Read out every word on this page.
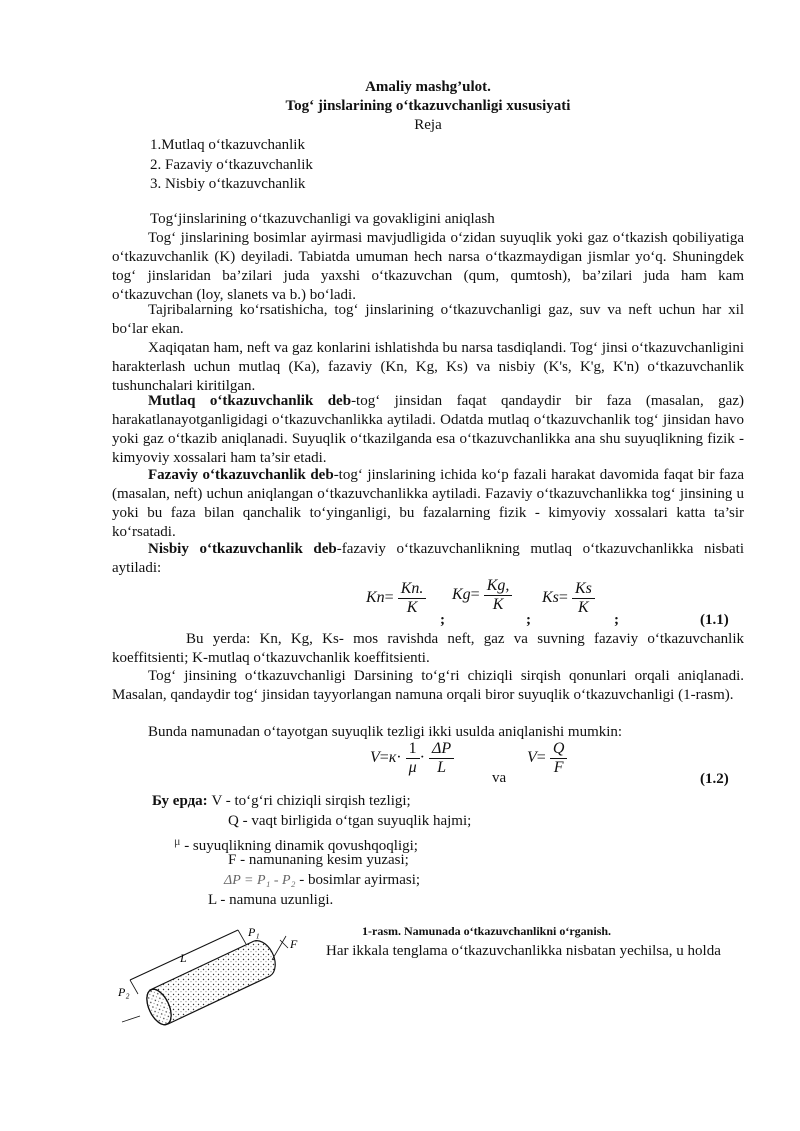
Amaliy mashg’ulot.
Tog‘ jinslarining o‘tkazuvchanligi xususiyati
Reja
1.Mutlaq o‘tkazuvchanlik
2. Fazaviy o‘tkazuvchanlik
3. Nisbiy o‘tkazuvchanlik

Tog‘jinslarining o‘tkazuvchanligi va govakligini aniqlash

Tog‘ jinslarining bosimlar ayirmasi mavjudligida o‘zidan suyuqlik yoki gaz o‘tkazish qobiliyatiga o‘tkazuvchanlik (K) deyiladi. Tabiatda umuman hech narsa o‘tkazmaydigan jismlar yo‘q. Shuningdek tog‘ jinslaridan ba’zilari juda yaxshi o‘tkazuvchan (qum, qumtosh), ba’zilari juda ham kam o‘tkazuvchan (loy, slanets va b.) bo‘ladi.

Tajribalarning ko‘rsatishicha, tog‘ jinslarining o‘tkazuvchanligi gaz, suv va neft uchun har xil bo‘lar ekan.

Xaqiqatan ham, neft va gaz konlarini ishlatishda bu narsa tasdiqlandi. Tog‘ jinsi o‘tkazuvchanligini harakterlash uchun mutlaq (Ka), fazaviy (Kn, Kg, Ks) va nisbiy (K's, K'g, K'n) o‘tkazuvchanlik tushunchalari kiritilgan.

Mutlaq o‘tkazuvchanlik deb-tog‘ jinsidan faqat qandaydir bir faza (masalan, gaz) harakatlanayotganligidagi o‘tkazuvchanlikka aytiladi. Odatda mutlaq o‘tkazuvchanlik tog‘ jinsidan havo yoki gaz o‘tkazib aniqlanadi. Suyuqlik o‘tkazilganda esa o‘tkazuvchanlikka ana shu suyuqlikning fizik - kimyoviy xossalari ham ta’sir etadi.

Fazaviy o‘tkazuvchanlik deb-tog‘ jinslarining ichida ko‘p fazali harakat davomida faqat bir faza (masalan, neft) uchun aniqlangan o‘tkazuvchanlikka aytiladi. Fazaviy o‘tkazuvchanlikka tog‘ jinsining u yoki bu faza bilan qanchalik to‘yinganligi, bu fazalarning fizik - kimyoviy xossalari katta ta’sir ko‘rsatadi.

Nisbiy o‘tkazuvchanlik deb-fazaviy o‘tkazuvchanlikning mutlaq o‘tkazuvchanlikka nisbati aytiladi:

$Kn= \frac{Kn.}{K}$
;
$Kg= \frac{Kg,}{K}$
;
$Ks= \frac{Ks}{K}$
;	(1.1)

Bu yerda: Kn, Kg, Ks- mos ravishda neft, gaz va suvning fazaviy o‘tkazuvchanlik koeffitsienti; K-mutlaq o‘tkazuvchanlik koeffitsienti.

Tog‘ jinsining o‘tkazuvchanligi Darsining to‘g‘ri chiziqli sirqish qonunlari orqali aniqlanadi. Masalan, qandaydir tog‘ jinsidan tayyorlangan namuna orqali biror suyuqlik o‘tkazuvchanligi (1-rasm).

Bunda namunadan o‘tayotgan suyuqlik tezligi ikki usulda aniqlanishi mumkin:

$V=к\cdot \frac{1}{\mu} \cdot \frac{\Delta P}{L}$
va
$V= \frac{Q}{F}$
(1.2)
Бу ерда: V - to‘g‘ri chiziqli sirqish tezligi;
Q - vaqt birligida o‘tgan suyuqlik hajmi;
$^\mu$ - suyuqlikning dinamik qovushqoqligi;
F - namunaning kesim yuzasi;
ΔP = P₁ - P₂ - bosimlar ayirmasi;
L - namuna uzunligi.
1-rasm. Namunada o‘tkazuvchanlikni o‘rganish.

Har ikkala tenglama o‘tkazuvchanlikka nisbatan yechilsa, u holda

L
P₁
F
P₂
